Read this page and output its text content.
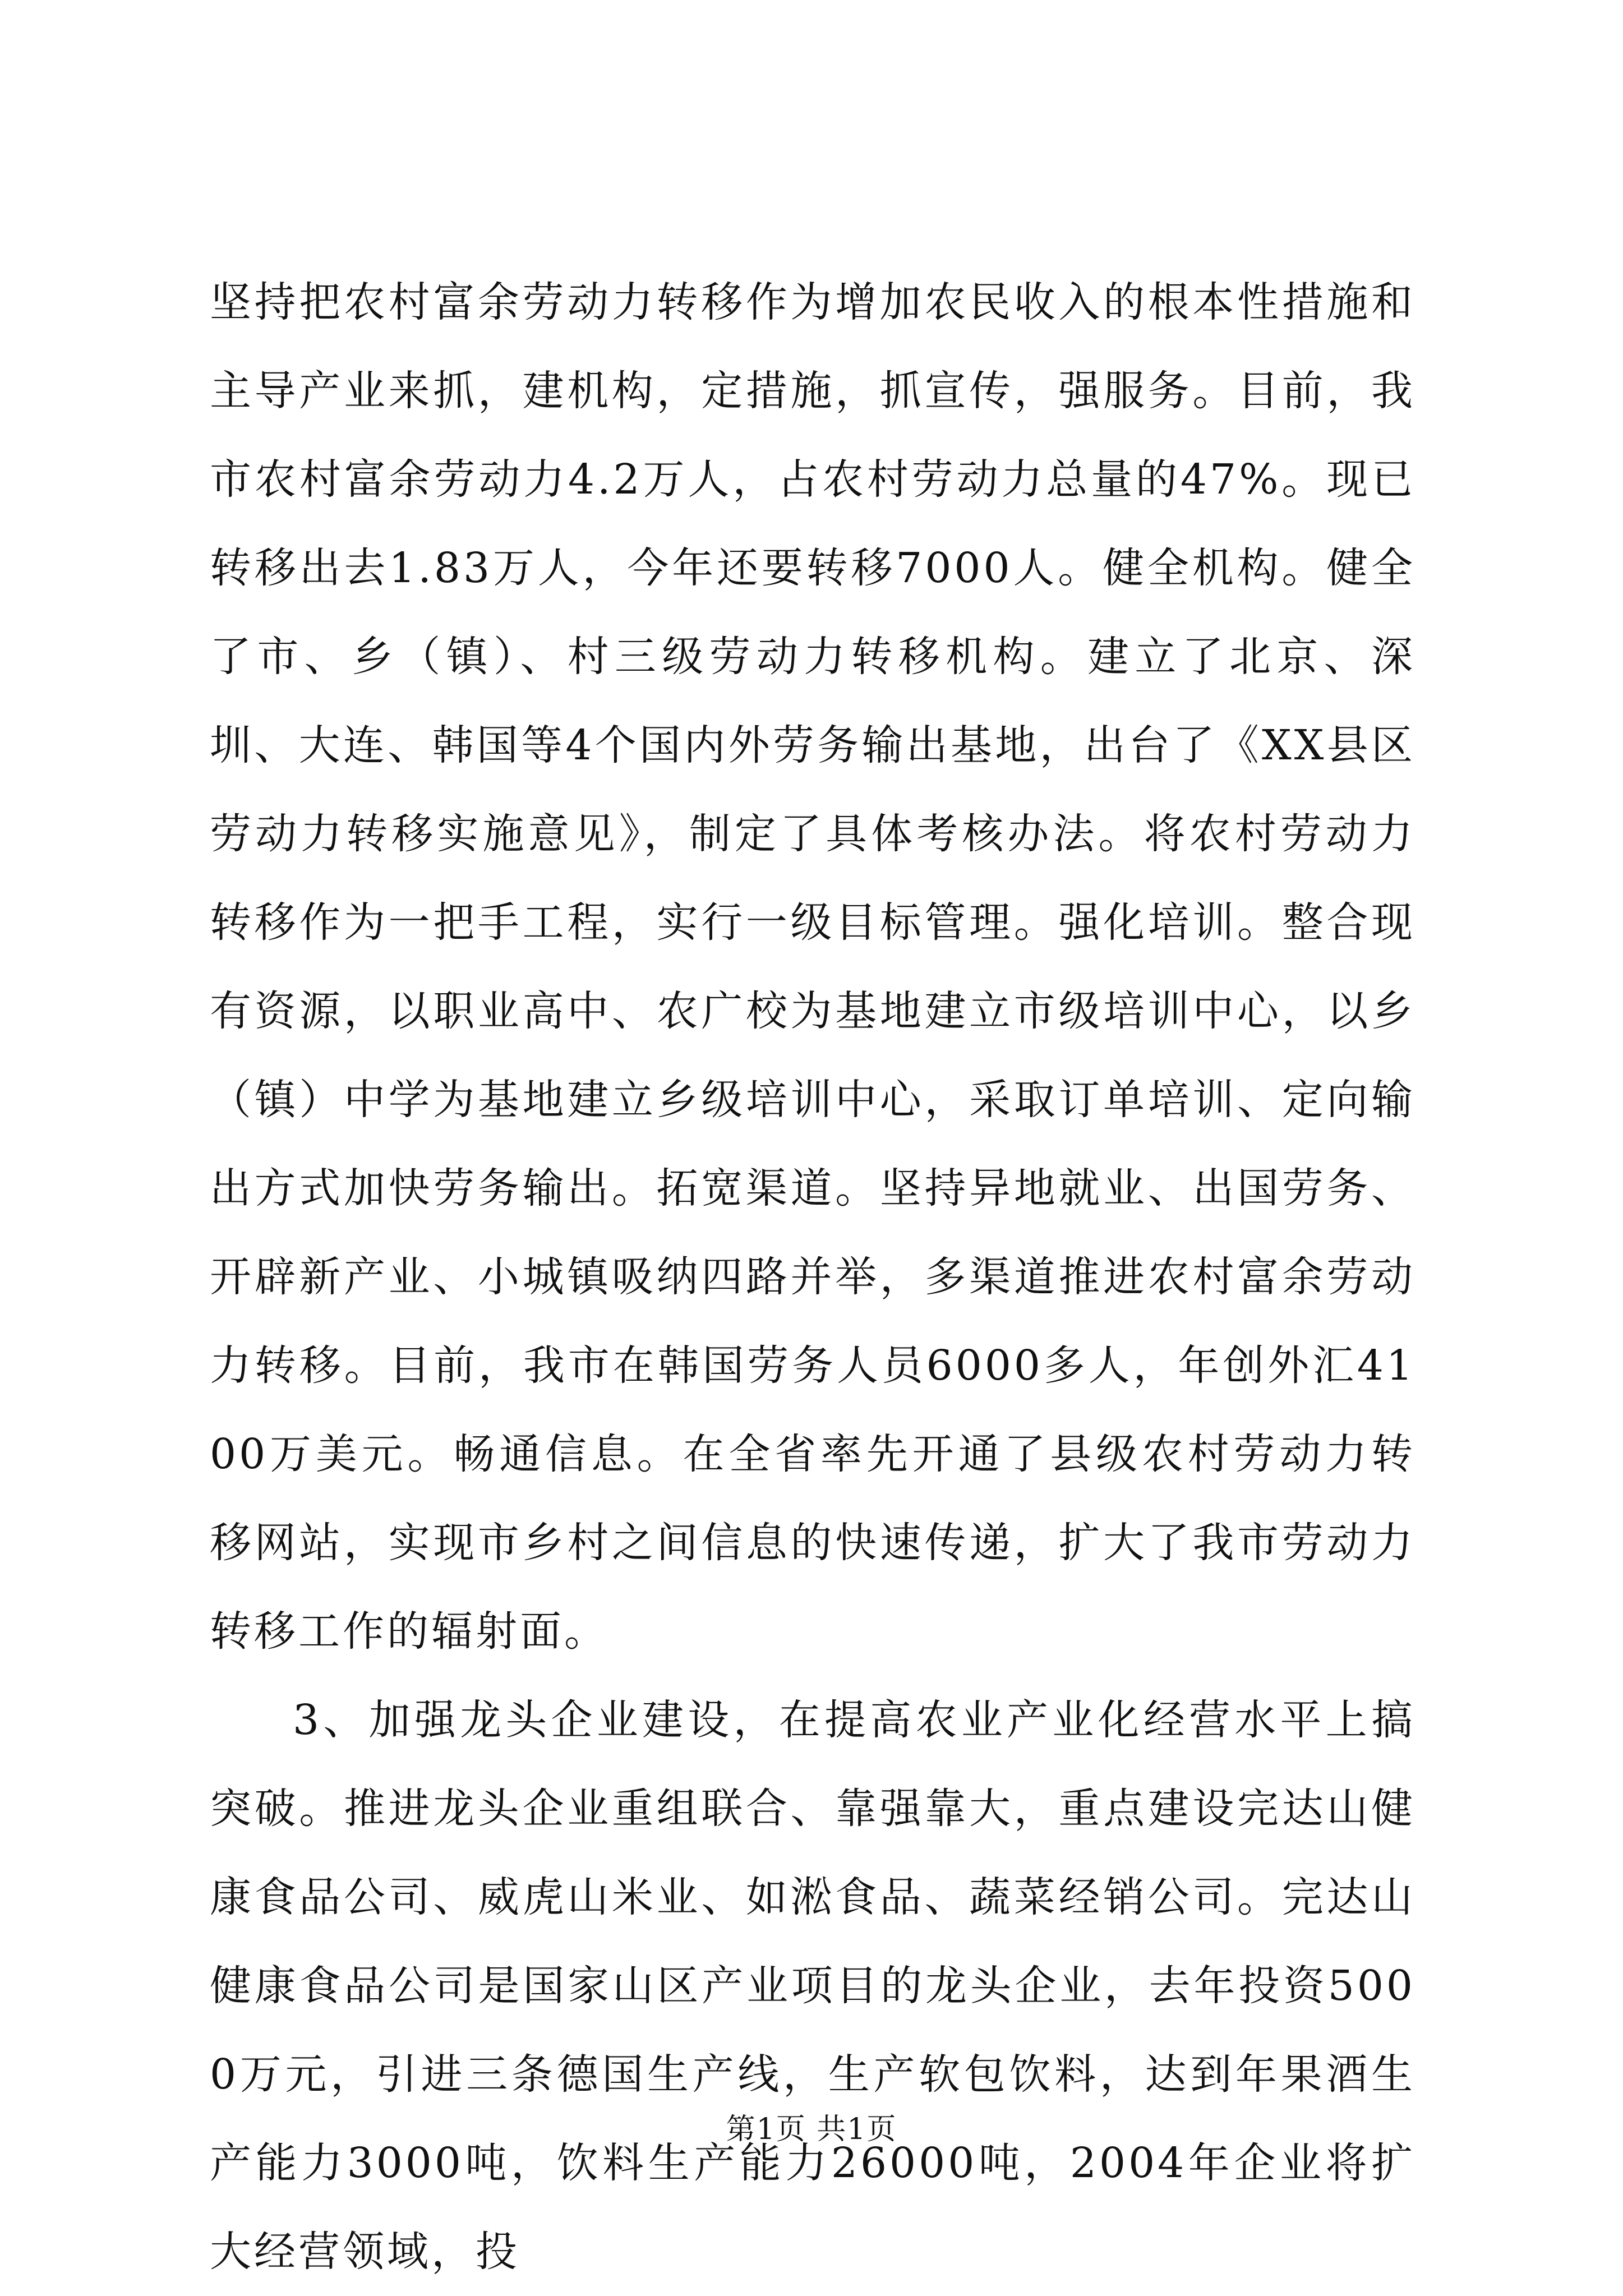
坚持把农村富余劳动力转移作为增加农民收入的根本性措施和主导产业来抓，建机构，定措施，抓宣传，强服务。目前，我市农村富余劳动力4.2万人，占农村劳动力总量的47%。现已转移出去1.83万人，今年还要转移7000人。健全机构。健全了市、乡（镇）、村三级劳动力转移机构。建立了北京、深圳、大连、韩国等4个国内外劳务输出基地，出台了《XX县区劳动力转移实施意见》，制定了具体考核办法。将农村劳动力转移作为一把手工程，实行一级目标管理。强化培训。整合现有资源，以职业高中、农广校为基地建立市级培训中心，以乡（镇）中学为基地建立乡级培训中心，采取订单培训、定向输出方式加快劳务输出。拓宽渠道。坚持异地就业、出国劳务、开辟新产业、小城镇吸纳四路并举，多渠道推进农村富余劳动力转移。目前，我市在韩国劳务人员6000多人，年创外汇4100万美元。畅通信息。在全省率先开通了县级农村劳动力转移网站，实现市乡村之间信息的快速传递，扩大了我市劳动力转移工作的辐射面。

3、加强龙头企业建设，在提高农业产业化经营水平上搞突破。推进龙头企业重组联合、靠强靠大，重点建设完达山健康食品公司、威虎山米业、如淞食品、蔬菜经销公司。完达山健康食品公司是国家山区产业项目的龙头企业，去年投资5000万元，引进三条德国生产线，生产软包饮料，达到年果酒生产能力3000吨，饮料生产能力26000吨，2004年企业将扩大经营领域，投

第1页 共1页
